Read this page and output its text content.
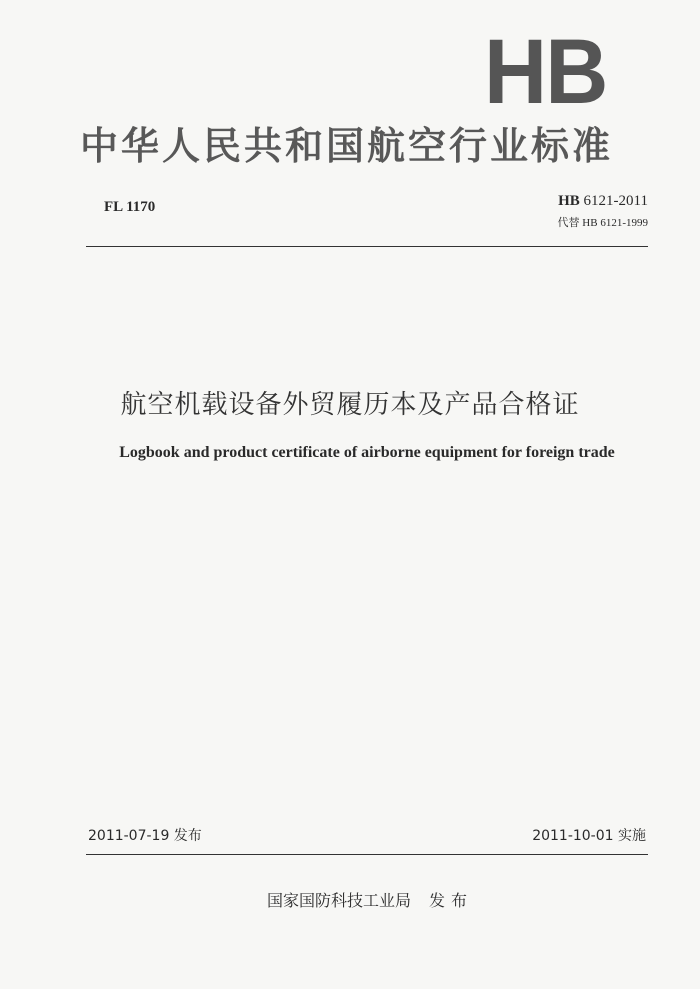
HB
中华人民共和国航空行业标准
FL 1170	HB 6121-2011
代替 HB 6121-1999
航空机载设备外贸履历本及产品合格证
Logbook and product certificate of airborne equipment for foreign trade
2011-07-19 发布	2011-10-01 实施
国家国防科技工业局 发布
